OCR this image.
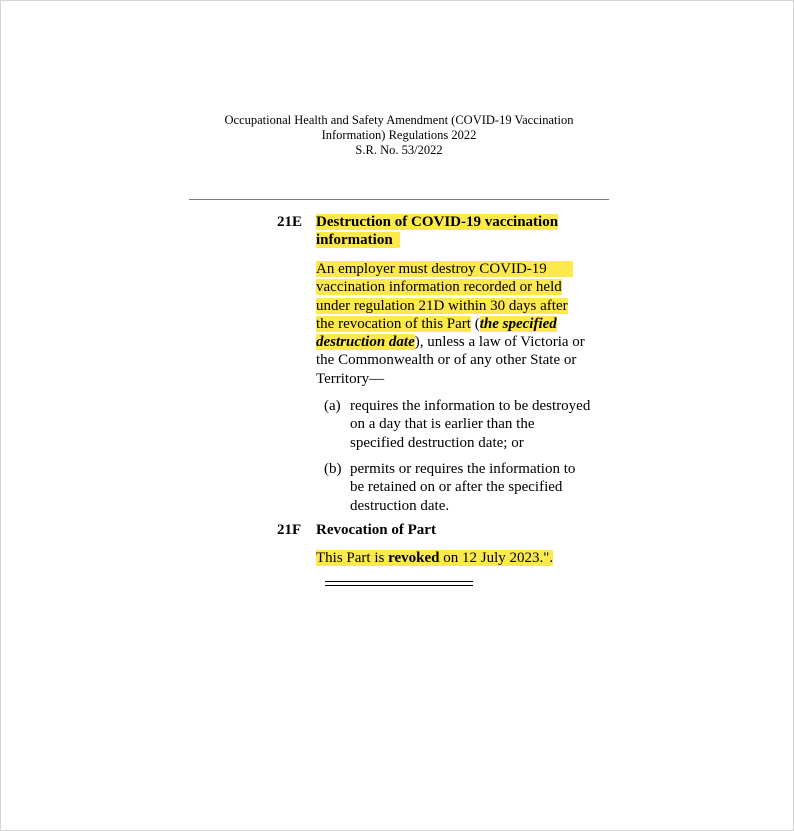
Occupational Health and Safety Amendment (COVID-19 Vaccination
Information) Regulations 2022
S.R. No. 53/2022
21E Destruction of COVID-19 vaccination
information
An employer must destroy COVID-19
vaccination information recorded or held
under regulation 21D within 30 days after
the revocation of this Part (the specified
destruction date), unless a law of Victoria or
the Commonwealth or of any other State or
Territory—
(a) requires the information to be destroyed
on a day that is earlier than the
specified destruction date; or
(b) permits or requires the information to
be retained on or after the specified
destruction date.
21F Revocation of Part
This Part is revoked on 12 July 2023.".
